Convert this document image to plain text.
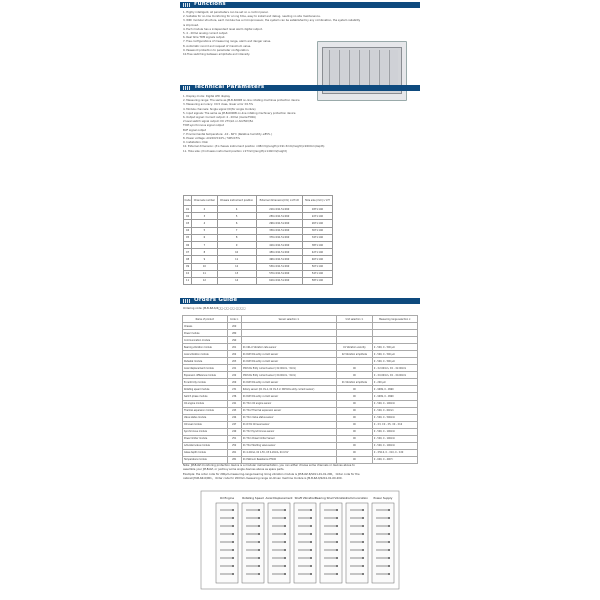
Functions
1. Highly intelligent, all parameters can be set on a control panel.
2. Suitable for on-line monitoring for a long time, easy to install and debug, needing no site maintenance.
3. With modular structure, each module has a microprocessor, the system can be established by any combination, the system reliability
is improved.
4. Each module has a independent level alarm digital output.
5. 4 - 20mA analog current output.
6. Real time TDM signals output.
7. Free configurations of measuring range, alarm and danger value.
8. Automatic record and request of maximum value.
9. Password protection to parameter configuration.
10.Free switching between amplitude and intensity.
Technical Parameters
1. Display mode: Digital LED display
2. Measuring range: The same as JM-B-6000B on-line rotating machines protection device
3. Measuring accuracy: ±0.5 class, linear error ±0.5%
4. Module channels: Single signal I/O(for single module)
5. Input signals: The same as JM-B-6000B on-line rotating machinery protection device
6. Output signal: Current output: 4 - 20mA (load≤750Ω)
2 level switch signal output: DC 27V/2A or AC250V/5A
TDM synchronous signal output
BUF signal output
7. Environmental temperature: -10 - 60℃ (Relative humidity ≤85% )
8. Power voltage: AC220V±10% / 50Hz±5%
9. Installation: Disk
10. External dimension: (δ×chassis instrument position ×98mm)(length)×191.5mm(height)×260mm(depth)
11. Hole size: (δ×chassis instrument position ×27mm)(length)×140mm(height)
Code	Channels number	Chassis instrument position	External dimension(mm) L×H×D	Hole size (mm) L'×H'
01	2	4	216×191.5×260	187×140
02	3	5	256×191.5×260	227×140
03	4	6	296×191.5×260	267×140
04	5	7	336×191.5×260	307×140
05	6	8	376×191.5×260	347×140
06	7	9	416×191.5×260	387×140
07	8	10	456×191.5×260	427×140
08	9	11	496×191.5×260	467×140
09	10	12	536×191.5×260	507×140
10	11	13	576×191.5×260	547×140
11	12	14	616×191.5×260	587×140
Orders Guide
Ordering code: JM-B-6Z-6/4□□-□□-□□-□□□□
Name of product	Code ①	Sensor selection ②	Unit selection ③	Measuring range selection ④
Chassis	200			
Power module	280			
Communication module	290			
Bearing vibration module	201	01 CZL-0 Vibration rate sensor	01 Vibration velocity	0 - 500, 0 - 500 μm
Axial vibration module	202	01 DWY-DG eddy current sensor	02 Vibration amplitude	0 - 500, 0 - 500 μm
Pedestal module	203	01 DWY-DG eddy current sensor		0 - 500, 0 - 500 μm
Axial displacement module	221	DWY-DG Eddy current sensor (±2.00mm, ²2mm)	00	0 - ±2.00mm, ±0 - ±2.00mm
Expansion difference module	222	DWY-DG Eddy current sensor (±0.00mm, ²2mm)	00	0 - ±0.00mm, ±0 - ±0.00mm
Eccentricity module	209	01 DWY-DG eddy current sensor	01 Vibration amplitude	0 - 200 μm
Rotating speed module	231	Rotary sensor (01 CS-1, 02 CS-3 or DWY-DG eddy current sensor)	00	0 - 9999, 0 - 9999
Switch phase module	236	01 DWY-DG eddy current sensor	00	0 - 9999, 0 - 9999
Oil engine module	241	01 TD-1 Oil engine sensor	00	0 - 500, 0 - 100mm
Thermal expansion module	243	01 TD-2 Thermal expansion sensor	00	0 - 500, 0 - 60mm
Valve status module	244	01 TD-1 Valve status sensor	00	0 - 500, 0 - 500mm
Oil level module	247	01 LT-81 Oil level sensor	00	0 - ±3, ±0 - ±5, ±0 - ±10
Synchronous module	249	01 TD-3 Synchronous sensor	00	0 - 500, 0 - 100mm
Power limiter module	251	01 TD-1 Power limiter Sensor	00	0 - 500, 0 - 100mm
Activated valve module	252	01 TD-2 Starting valve sensor	00	0 - 500, 0 - 100mm
Glass depth module	261	01 4-20mA, 02 1-5V, 03 0-20mA, 04 0-5V	00	0 - ±50.0, 0 - ±10, 0 - ±20
Temperature module	281	01 Platinum Resistance PT100	00	0 - 600, 0 - 400℃
Note: JM-B-6Z monitoring protection device is a modular instrumentation, you can either choose some channels or devices above to
assemble your JM-B-6Z, or just buy some single devices above as spare parts.
Example: the order code for 200μm-measuring-range bearing lining vibration module is JM-B-6Z-6/S011-01-01-200。 Order code for the
cabinet JM-B-6Z-6/001。 Order code for 200mm-measuring range oil-driven machine module is JM-B-6Z-6/S241-01-00-200.
Oil Engine	Rotating Speed Axial Displacement Shaft Vibration Bearing Shell Vibration
Communication Power Supply
